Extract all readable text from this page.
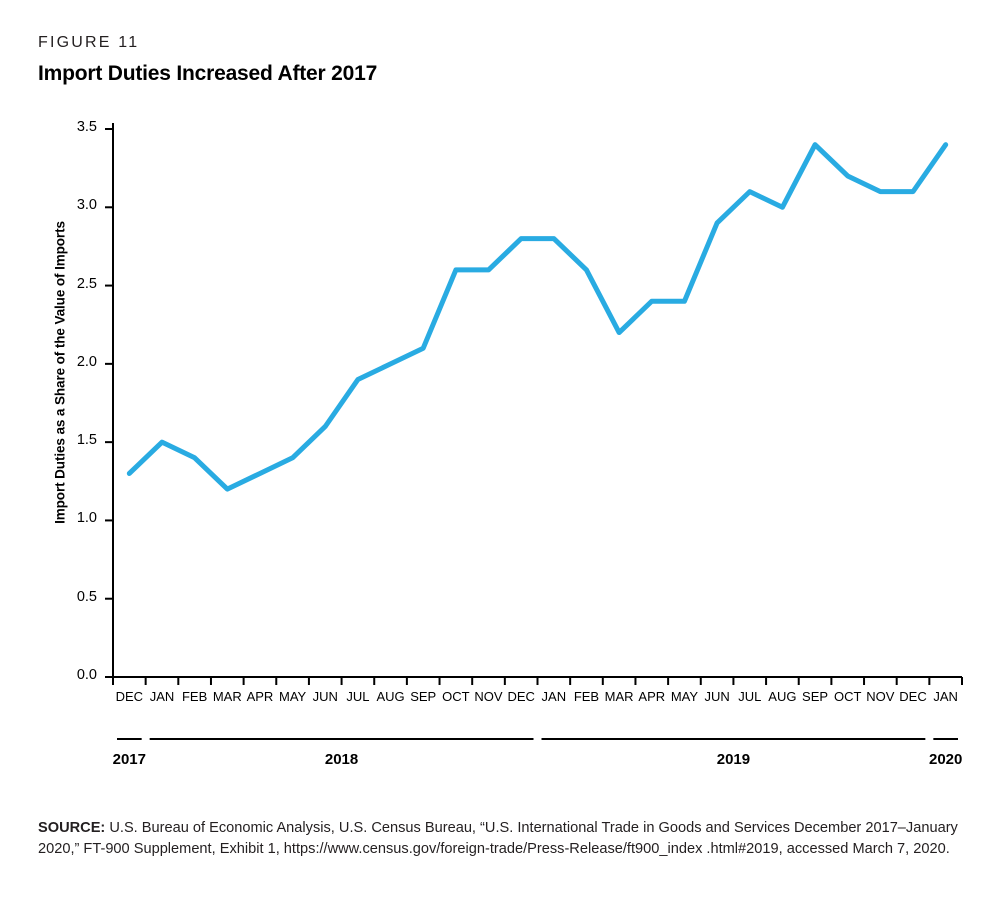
FIGURE 11
Import Duties Increased After 2017
Import Duties as a Share of the Value of Imports
0.0
0.5
1.0
1.5
2.0
2.5
3.0
3.5
DEC JAN FEB MAR APR MAY JUN JUL AUG SEP OCT NOV DEC JAN FEB MAR APR MAY JUN JUL AUG SEP OCT NOV DEC JAN
2017	2018	2019	2020
SOURCE: U.S. Bureau of Economic Analysis, U.S. Census Bureau, “U.S. International Trade in Goods and Services December 2017–January 2020,” FT-900 Supplement, Exhibit 1, https://www.census.gov/foreign-trade/Press-Release/ft900_index .html#2019, accessed March 7, 2020.
